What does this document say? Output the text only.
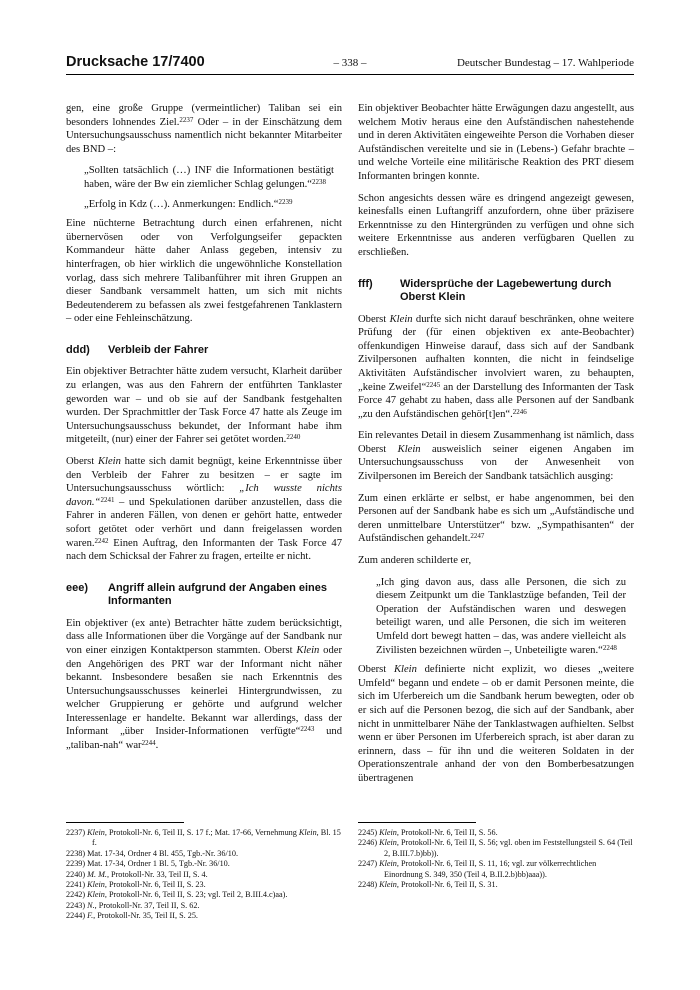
Drucksache 17/7400	– 338 –	Deutscher Bundestag – 17. Wahlperiode

gen, eine große Gruppe (vermeintlicher) Taliban sei ein besonders lohnendes Ziel.$^{2237}$ Oder – in der Einschätzung dem Untersuchungsausschuss namentlich nicht bekannter Mitarbeiter des BND –:

„Sollten tatsächlich (…) INF die Informationen bestätigt haben, wäre der Bw ein ziemlicher Schlag gelungen.“$^{2238}$

„Erfolg in Kdz (…). Anmerkungen: Endlich.“$^{2239}$

Eine nüchterne Betrachtung durch einen erfahrenen, nicht übernervösen oder von Verfolgungseifer gepackten Kommandeur hätte daher Anlass gegeben, intensiv zu hinterfragen, ob hier wirklich die ungewöhnliche Konstellation vorlag, dass sich mehrere Talibanführer mit ihren Gruppen an dieser Sandbank versammelt hatten, um sich mit nichts Bedeutenderem zu befassen als zwei festgefahrenen Tanklastern – oder eine Fehleinschätzung.

ddd)	Verbleib der Fahrer

Ein objektiver Betrachter hätte zudem versucht, Klarheit darüber zu erlangen, was aus den Fahrern der entführten Tanklaster geworden war – und ob sie auf der Sandbank festgehalten wurden. Der Sprachmittler der Task Force 47 hatte als Zeuge im Untersuchungsausschuss bekundet, der Informant habe ihm mitgeteilt, (nur) einer der Fahrer sei getötet worden.$^{2240}$

Oberst Klein hatte sich damit begnügt, keine Erkenntnisse über den Verbleib der Fahrer zu besitzen – er sagte im Untersuchungsausschuss wörtlich: „Ich wusste nichts davon.“$^{2241}$ – und Spekulationen darüber anzustellen, dass die Fahrer in anderen Fällen, von denen er gehört hatte, entweder sofort getötet oder verhört und dann freigelassen worden waren.$^{2242}$ Einen Auftrag, den Informanten der Task Force 47 nach dem Schicksal der Fahrer zu fragen, erteilte er nicht.

eee)	Angriff allein aufgrund der Angaben eines Informanten

Ein objektiver (ex ante) Betrachter hätte zudem berücksichtigt, dass alle Informationen über die Vorgänge auf der Sandbank nur von einer einzigen Kontaktperson stammten. Oberst Klein oder den Angehörigen des PRT war der Informant nicht näher bekannt. Insbesondere besaßen sie nach Erkenntnis des Untersuchungsausschusses keinerlei Hintergrundwissen, zu welcher Gruppierung er gehörte und aufgrund welcher Interessenlage er handelte. Bekannt war allerdings, dass der Informant „über Insider-Informationen verfügte“$^{2243}$ und „taliban-nah“ war$^{2244}$.

Ein objektiver Beobachter hätte Erwägungen dazu angestellt, aus welchem Motiv heraus eine den Aufständischen nahestehende und in deren Aktivitäten eingeweihte Person die Vorhaben dieser Aufständischen vereitelte und sie in (Lebens-) Gefahr brachte – und welche Vorteile eine militärische Reaktion des PRT diesem Informanten bringen konnte.

Schon angesichts dessen wäre es dringend angezeigt gewesen, keinesfalls einen Luftangriff anzufordern, ohne über präzisere Erkenntnisse zu den Hintergründen zu verfügen und ohne sich weitere Erkenntnisse aus anderen verfügbaren Quellen zu erschließen.

fff)	Widersprüche der Lagebewertung durch Oberst Klein

Oberst Klein durfte sich nicht darauf beschränken, ohne weitere Prüfung der (für einen objektiven ex ante-Beobachter) offenkundigen Hinweise darauf, dass sich auf der Sandbank Zivilpersonen aufhalten konnten, die nicht in feindselige Aktivitäten Aufständischer involviert waren, zu behaupten, „keine Zweifel“$^{2245}$ an der Darstellung des Informanten der Task Force 47 gehabt zu haben, dass alle Personen auf der Sandbank „zu den Aufständischen gehör[t]en“.$^{2246}$

Ein relevantes Detail in diesem Zusammenhang ist nämlich, dass Oberst Klein ausweislich seiner eigenen Angaben im Untersuchungsausschuss von der Anwesenheit von Zivilpersonen im Bereich der Sandbank tatsächlich ausging:

Zum einen erklärte er selbst, er habe angenommen, bei den Personen auf der Sandbank habe es sich um „Aufständische und deren unmittelbare Unterstützer“ bzw. „Sympathisanten“ der Aufständischen gehandelt.$^{2247}$

Zum anderen schilderte er,

„Ich ging davon aus, dass alle Personen, die sich zu diesem Zeitpunkt um die Tanklastzüge befanden, Teil der Operation der Aufständischen waren und deswegen beteiligt waren, und alle Personen, die sich im weiteren Umfeld dort bewegt hatten – das, was andere vielleicht als Zivilisten bezeichnen würden –, Unbeteiligte waren.“$^{2248}$

Oberst Klein definierte nicht explizit, wo dieses „weitere Umfeld“ begann und endete – ob er damit Personen meinte, die sich im Uferbereich um die Sandbank herum bewegten, oder ob er sich auf die Personen bezog, die sich auf der Sandbank, aber nicht in unmittelbarer Nähe der Tanklastwagen aufhielten. Selbst wenn er über Personen im Uferbereich sprach, ist aber daran zu erinnern, dass – für ihn und die weiteren Soldaten in der Operationszentrale anhand der von den Bomberbesatzungen übertragenen

2237) Klein, Protokoll-Nr. 6, Teil II, S. 17 f.; Mat. 17-66, Vernehmung Klein, Bl. 15 f.
2238) Mat. 17-34, Ordner 4 Bl. 455, Tgb.-Nr. 36/10.
2239) Mat. 17-34, Ordner 1 Bl. 5, Tgb.-Nr. 36/10.
2240) M. M., Protokoll-Nr. 33, Teil II, S. 4.
2241) Klein, Protokoll-Nr. 6, Teil II, S. 23.
2242) Klein, Protokoll-Nr. 6, Teil II, S. 23; vgl. Teil 2, B.III.4.c)aa).
2243) N., Protokoll-Nr. 37, Teil II, S. 62.
2244) F., Protokoll-Nr. 35, Teil II, S. 25.
2245) Klein, Protokoll-Nr. 6, Teil II, S. 56.
2246) Klein, Protokoll-Nr. 6, Teil II, S. 56; vgl. oben im Feststellungsteil S. 64 (Teil 2, B.III.7.b)bb)).
2247) Klein, Protokoll-Nr. 6, Teil II, S. 11, 16; vgl. zur völkerrechtlichen Einordnung S. 349, 350 (Teil 4, B.II.2.b)bb)aaa)).
2248) Klein, Protokoll-Nr. 6, Teil II, S. 31.
